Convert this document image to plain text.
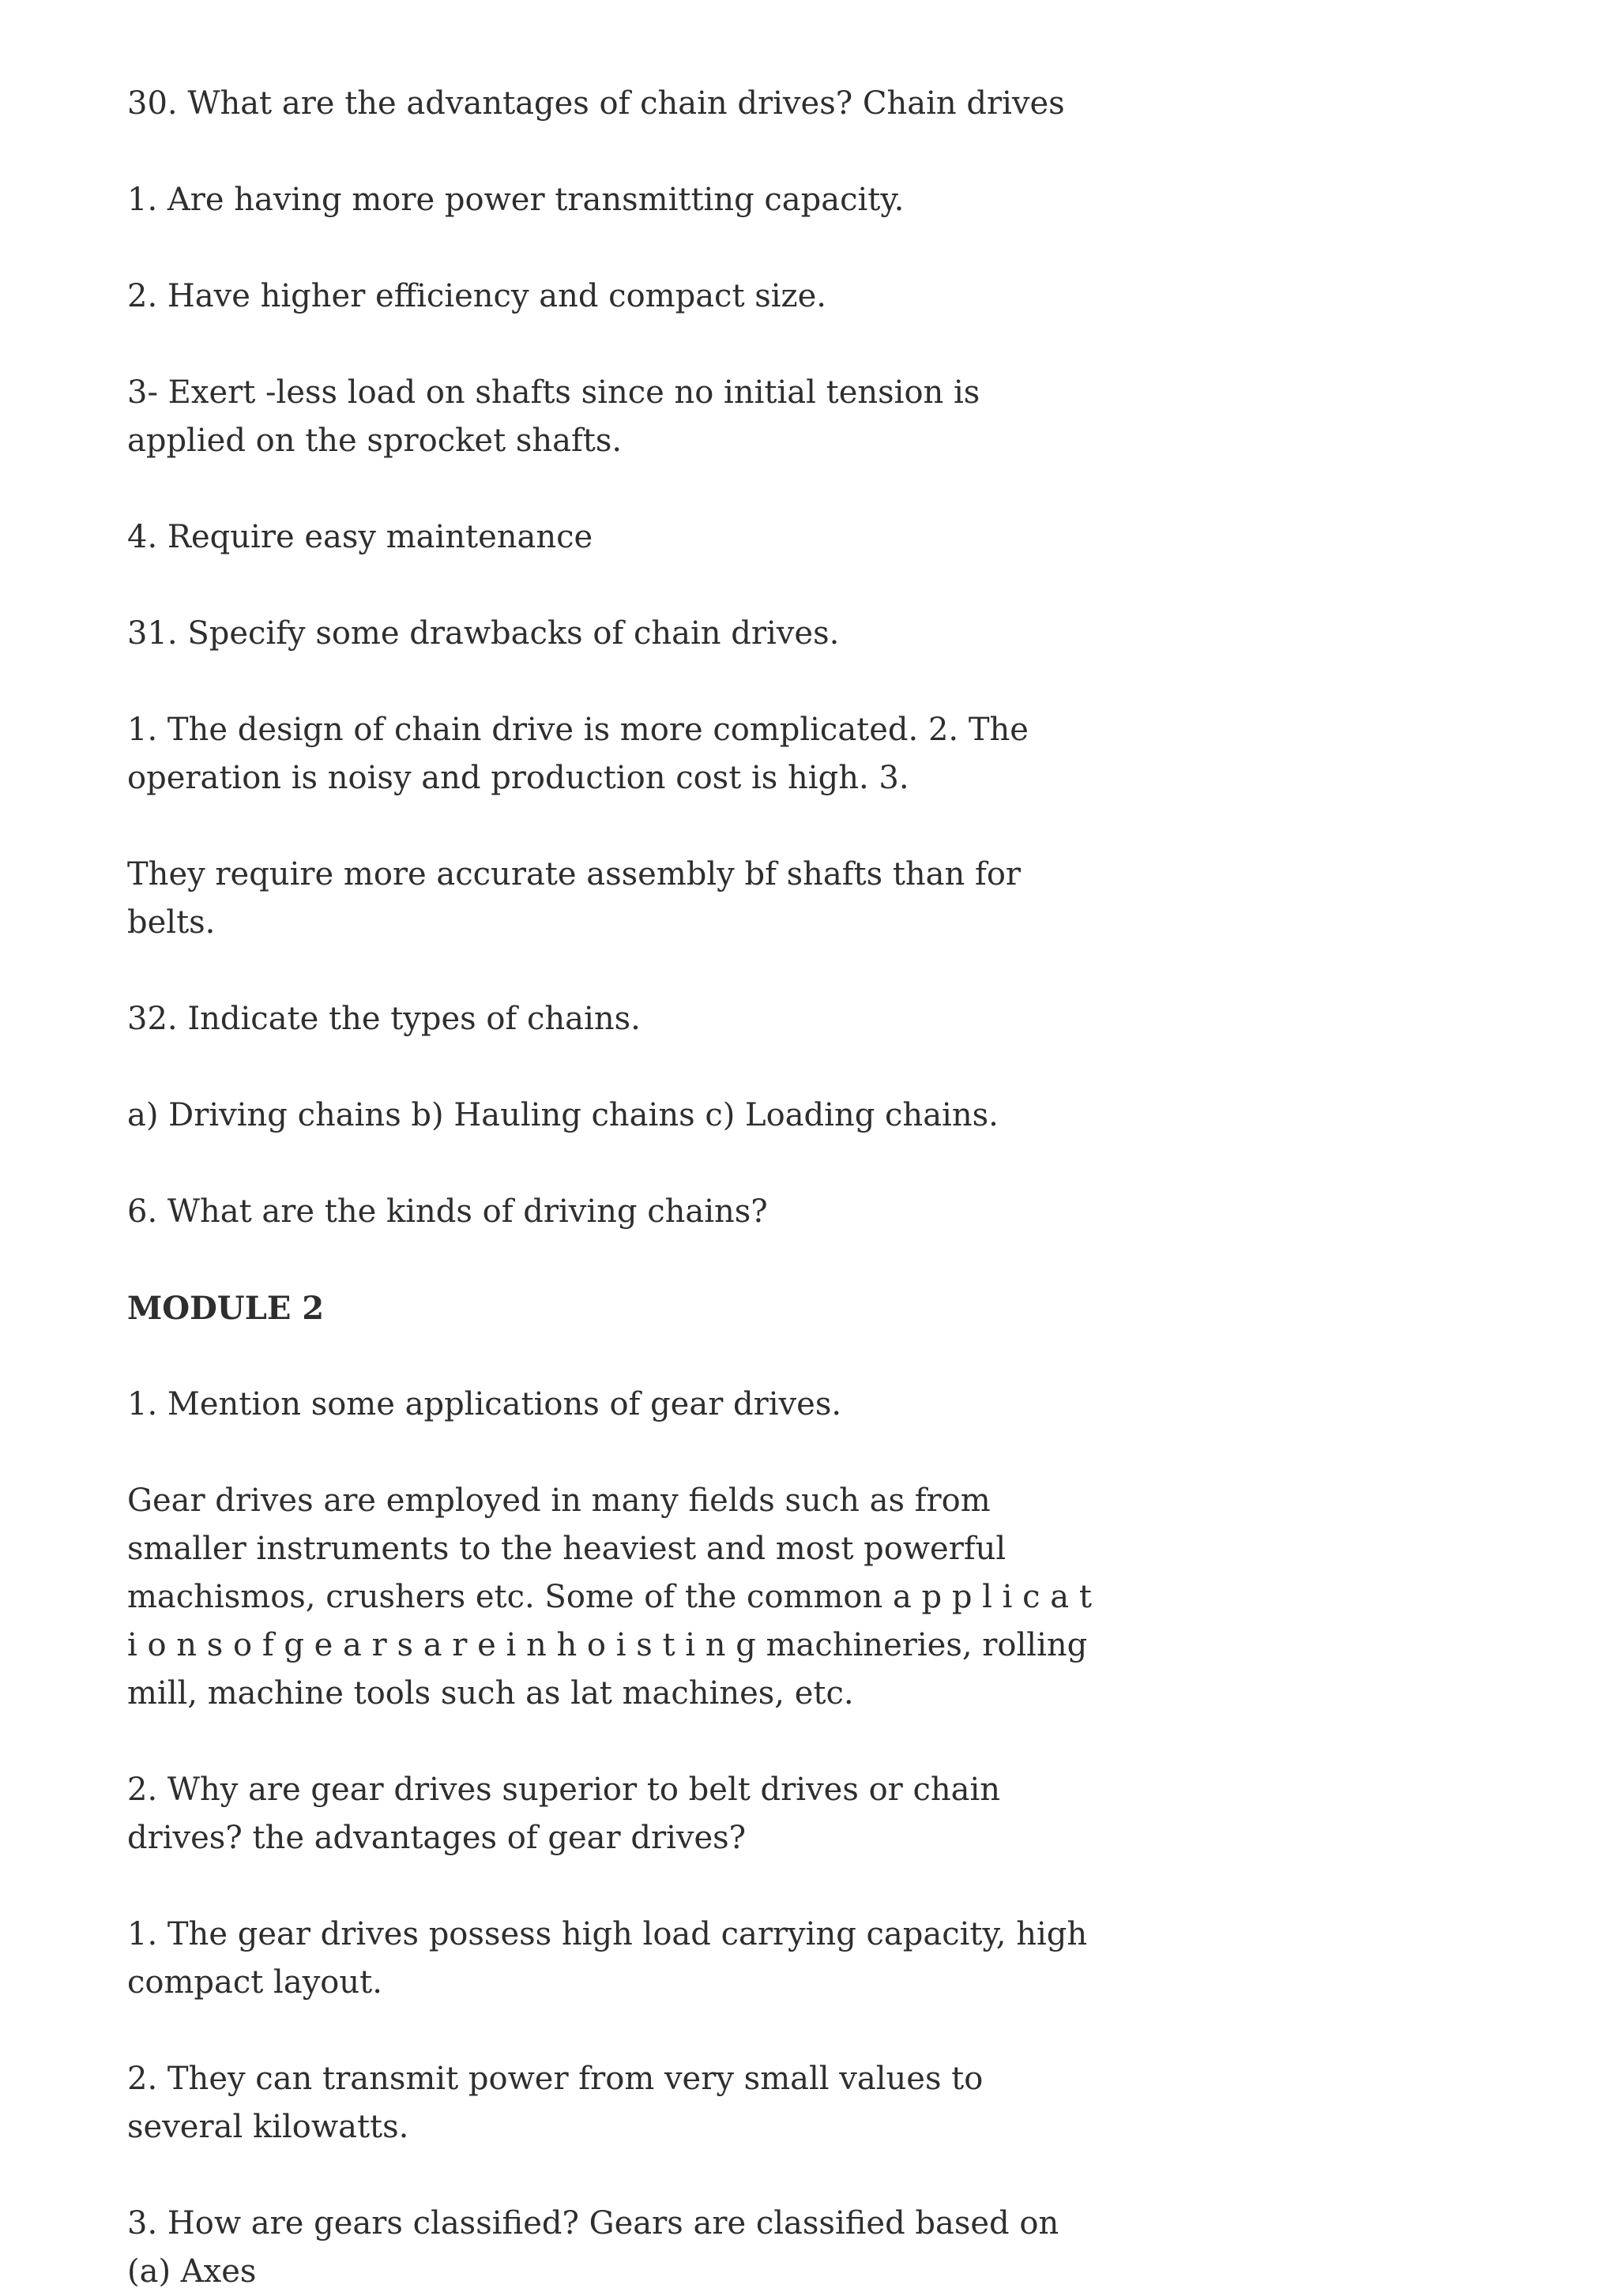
30. What are the advantages of chain drives? Chain drives

1. Are having more power transmitting capacity.

2. Have higher efficiency and compact size.

3- Exert -less load on shafts since no initial tension is applied on the sprocket shafts.

4. Require easy maintenance

31. Specify some drawbacks of chain drives.

1. The design of chain drive is more complicated. 2. The operation is noisy and production cost is high. 3.

They require more accurate assembly bf shafts than for belts.

32. Indicate the types of chains.

a) Driving chains b) Hauling chains c) Loading chains.

6. What are the kinds of driving chains?

MODULE 2

1. Mention some applications of gear drives.

Gear drives are employed in many fields such as from smaller instruments to the heaviest and most powerful machismos, crushers etc. Some of the common a p p l i c a t i o n s o f g e a r s a r e i n h o i s t i n g machineries, rolling mill, machine tools such as lat machines, etc.

2. Why are gear drives superior to belt drives or chain drives? the advantages of gear drives?

1. The gear drives possess high load carrying capacity, high compact layout.

2. They can transmit power from very small values to several kilowatts.

3. How are gears classified? Gears are classified based on (a) Axes
